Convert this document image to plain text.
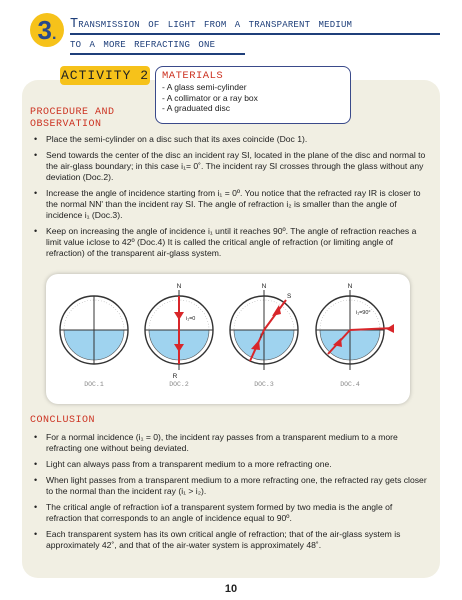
3.
Transmission of light from a transparent medium
to a more refracting one
ACTIVITY 2 MATERIALS
- A glass semi-cylinder
- A collimator or a ray box
- A graduated disc
PROCEDURE AND
OBSERVATION
• Place the semi-cylinder on a disc such that its axes coincide (Doc 1).
• Send towards the center of the disc an incident ray SI, located in the plane of the disc and normal to the air-glass boundary; in this case i₁= 0˚. The incident ray SI crosses through the glass without any deviation (Doc.2).
• Increase the angle of incidence starting from i₁ = 0º. You notice that the refracted ray IR is closer to the normal NN' than the incident ray SI. The angle of refraction i₂ is smaller than the angle of incidence i₁ (Doc.3).
• Keep on increasing the angle of incidence i₁ until it reaches 90º. The angle of refraction reaches a limit value iₗclose to 42º (Doc.4) It is called the critical angle of refraction (or limiting angle of refraction) of the transparent air-glass system.
N	N	N
R
S
I
i₁=0
i₁=90°
DOC.1	DOC.2	DOC.3	DOC.4
CONCLUSION
• For a normal incidence (i₁ = 0), the incident ray passes from a transparent medium to a more refracting one without being deviated.
• Light can always pass from a transparent medium to a more refracting one.
• When light passes from a transparent medium to a more refracting one, the refracted ray gets closer to the normal than the incident ray (i₁ > i₂).
• The critical angle of refraction iₗof a transparent system formed by two media is the angle of refraction that corresponds to an angle of incidence equal to 90º.
• Each transparent system has its own critical angle of refraction; that of the air-glass system is approximately 42˚, and that of the air-water system is approximately 48˚.
10
